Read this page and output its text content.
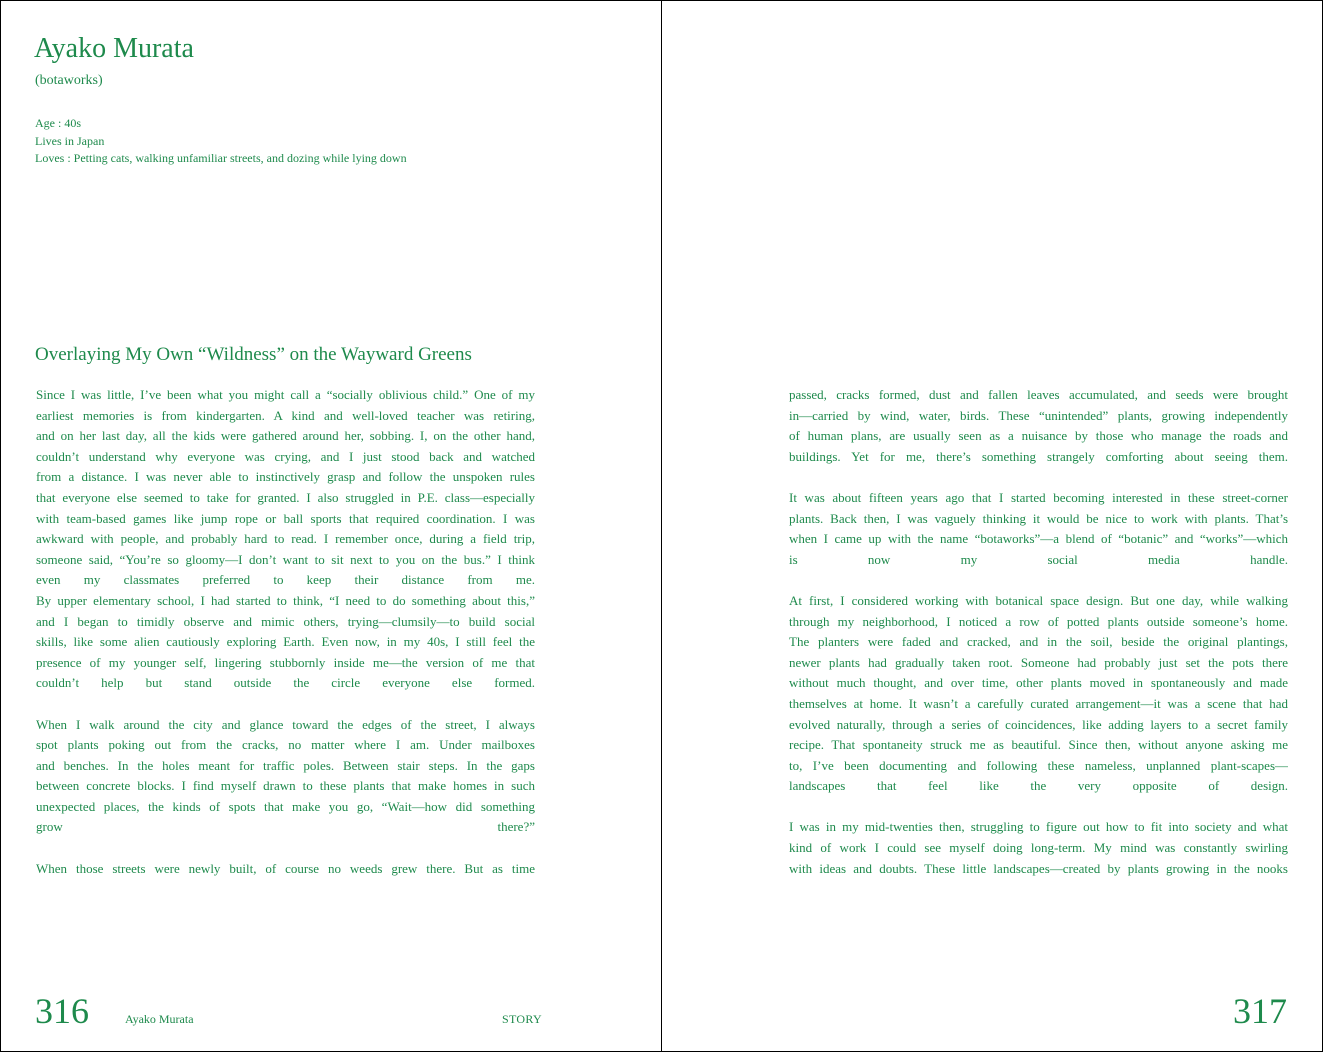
Ayako Murata
(botaworks)
Age : 40s
Lives in Japan
Loves : Petting cats, walking unfamiliar streets, and dozing while lying down
Overlaying My Own “Wildness” on the Wayward Greens
Since I was little, I’ve been what you might call a “socially oblivious child.” One of my
earliest memories is from kindergarten. A kind and well-loved teacher was retiring,
and on her last day, all the kids were gathered around her, sobbing. I, on the other hand,
couldn’t understand why everyone was crying, and I just stood back and watched
from a distance. I was never able to instinctively grasp and follow the unspoken rules
that everyone else seemed to take for granted. I also struggled in P.E. class—especially
with team-based games like jump rope or ball sports that required coordination. I was
awkward with people, and probably hard to read. I remember once, during a field trip,
someone said, “You’re so gloomy—I don’t want to sit next to you on the bus.” I think
even my classmates preferred to keep their distance from me.
By upper elementary school, I had started to think, “I need to do something about this,”
and I began to timidly observe and mimic others, trying—clumsily—to build social
skills, like some alien cautiously exploring Earth. Even now, in my 40s, I still feel the
presence of my younger self, lingering stubbornly inside me—the version of me that
couldn’t help but stand outside the circle everyone else formed.
When I walk around the city and glance toward the edges of the street, I always
spot plants poking out from the cracks, no matter where I am. Under mailboxes
and benches. In the holes meant for traffic poles. Between stair steps. In the gaps
between concrete blocks. I find myself drawn to these plants that make homes in such
unexpected places, the kinds of spots that make you go, “Wait—how did something
grow there?”
When those streets were newly built, of course no weeds grew there. But as time
316	Ayako Murata	STORY
passed, cracks formed, dust and fallen leaves accumulated, and seeds were brought
in—carried by wind, water, birds. These “unintended” plants, growing independently
of human plans, are usually seen as a nuisance by those who manage the roads and
buildings. Yet for me, there’s something strangely comforting about seeing them.
It was about fifteen years ago that I started becoming interested in these street-corner
plants. Back then, I was vaguely thinking it would be nice to work with plants. That’s
when I came up with the name “botaworks”—a blend of “botanic” and “works”—which
is now my social media handle.
At first, I considered working with botanical space design. But one day, while walking
through my neighborhood, I noticed a row of potted plants outside someone’s home.
The planters were faded and cracked, and in the soil, beside the original plantings,
newer plants had gradually taken root. Someone had probably just set the pots there
without much thought, and over time, other plants moved in spontaneously and made
themselves at home. It wasn’t a carefully curated arrangement—it was a scene that had
evolved naturally, through a series of coincidences, like adding layers to a secret family
recipe. That spontaneity struck me as beautiful. Since then, without anyone asking me
to, I’ve been documenting and following these nameless, unplanned plant-scapes—
landscapes that feel like the very opposite of design.
I was in my mid-twenties then, struggling to figure out how to fit into society and what
kind of work I could see myself doing long-term. My mind was constantly swirling
with ideas and doubts. These little landscapes—created by plants growing in the nooks
317
